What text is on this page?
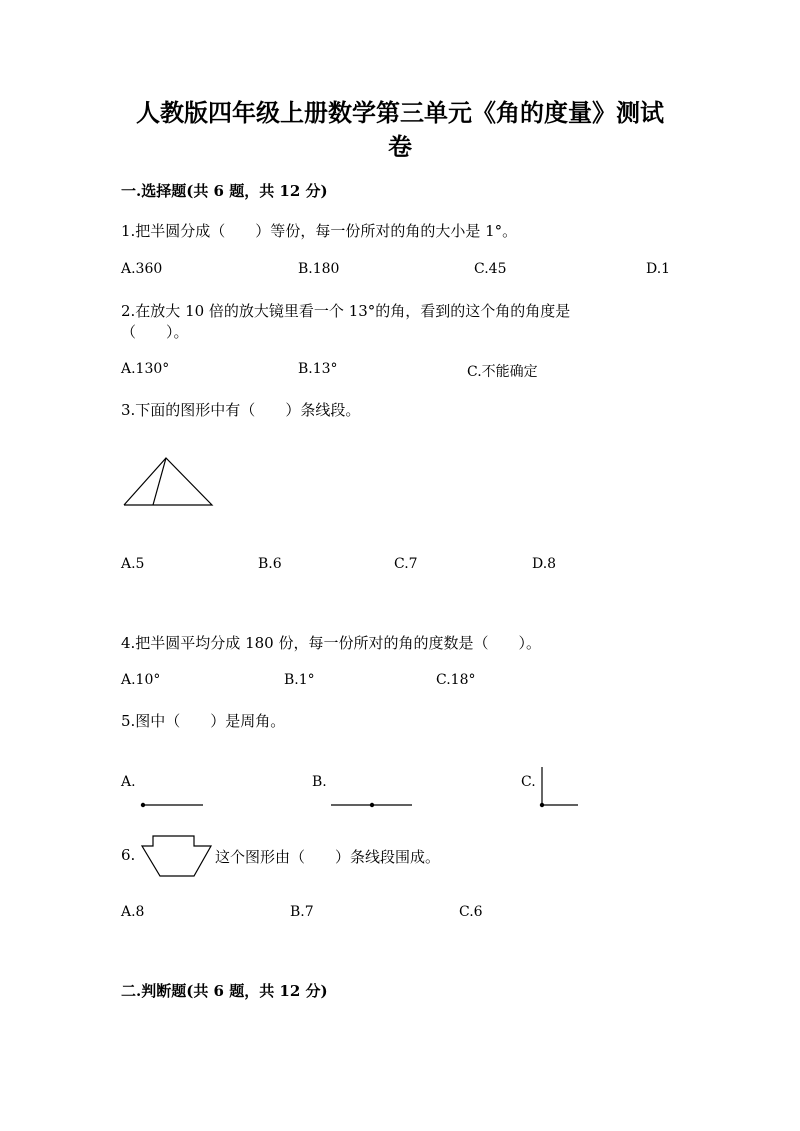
人教版四年级上册数学第三单元《角的度量》测试
卷
一.选择题(共 6 题，共 12 分)
1.把半圆分成（　　）等份，每一份所对的角的大小是 1°。
A.360	B.180	C.45	D.1
2.在放大 10 倍的放大镜里看一个 13°的角，看到的这个角的角度是
（　　）。
A.130°	B.13°	C.不能确定
3.下面的图形中有（　　）条线段。
A.5	B.6	C.7	D.8
4.把半圆平均分成 180 份，每一份所对的角的度数是（　　）。
A.10°	B.1°	C.18°
5.图中（　　）是周角。
A.	B.	C.
6.	这个图形由（　　）条线段围成。
A.8	B.7	C.6
二.判断题(共 6 题，共 12 分)
